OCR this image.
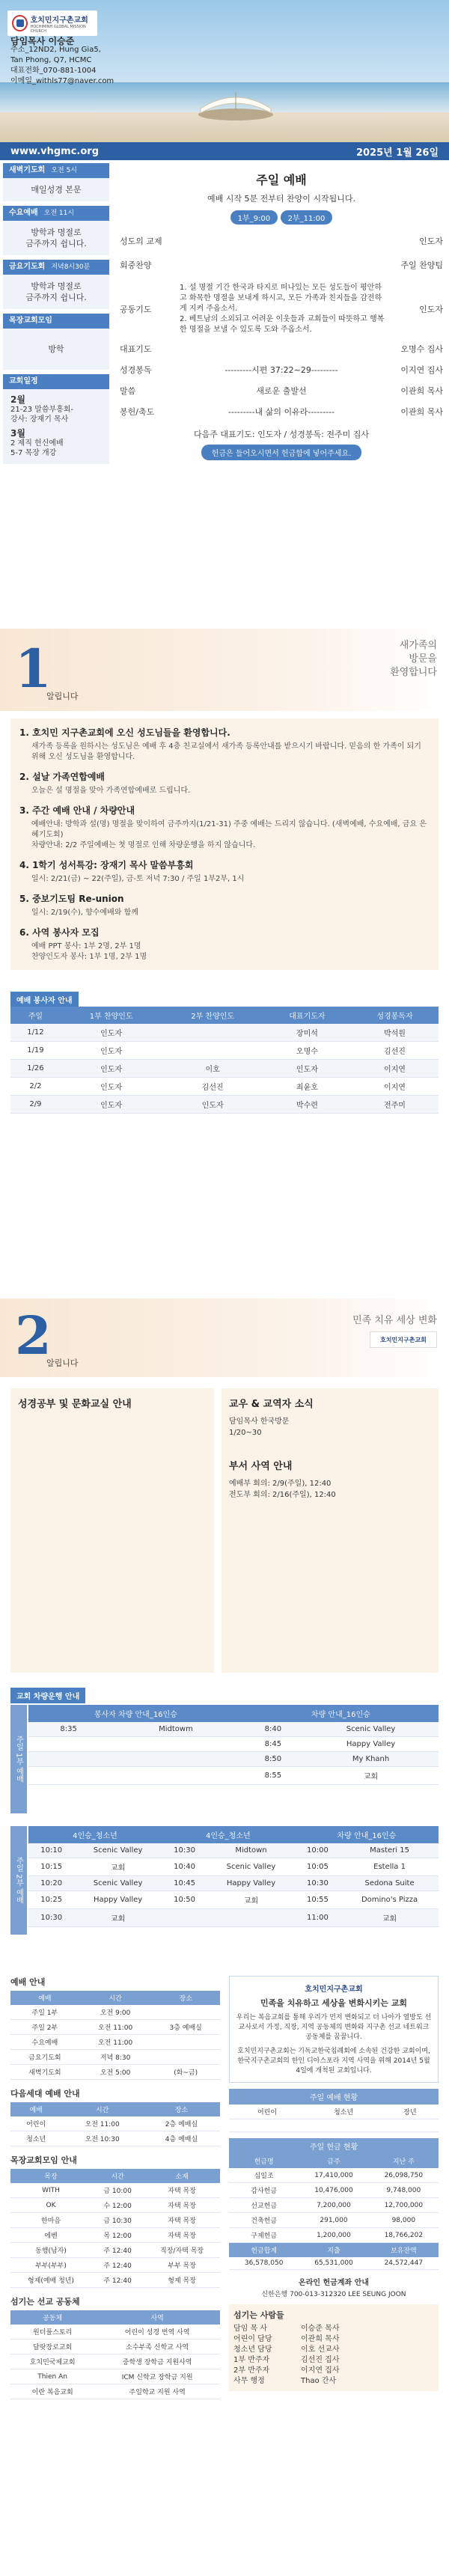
호치민지구촌교회
HOCHIMINH GLOBAL MISSION CHURCH
담임목사 이승준
주소_12ND2, Hung Gia5,
Tan Phong, Q7, HCMC
대표전화_070-881-1004
이메일_withls77@naver.com
www.vhgmc.org	2025년 1월 26일
새벽기도회 오전 5시
매일성경 본문
수요예배 오전 11시
방학과 명절로
금주까지 쉽니다.
금요기도회 저녁8시30분
방학과 명절로
금주까지 쉽니다.
목장교회모임
방학
교회일정
2월
21-23 말씀부흥회-
강사: 장재기 목사
3월
2 제직 헌신예배
5-7 목장 개강
주일 예배
예배 시작 5분 전부터 찬양이 시작됩니다.
1부_9:00 2부_11:00
성도의 교제	인도자
회중찬양	주일 찬양팀
공동기도
1. 설 명절 기간 한국과 타지로 떠나있는 모든 성도들이 평안하고 화목한 명절을 보내게 하시고, 모든 가족과 친지들을 감전하게 지켜 주옵소서.
2. 베트남의 소외되고 어려운 이웃들과 교회들이 따뜻하고 행복한 명절을 보낼 수 있도록 도와 주옵소서.
인도자
대표기도	오명수 집사
성경봉독	---------시편 37:22~29---------	이지연 집사
말씀	새로운 출발선	이관희 목사
봉헌/축도	---------내 삶의 이유라---------	이관희 목사
다음주 대표기도: 인도자 / 성경봉독: 전주미 집사
헌금은 들어오시면서 헌금함에 넣어주세요.
1
알립니다
새가족의
방문을
환영합니다
1. 호치민 지구촌교회에 오신 성도님들을 환영합니다.
새가족 등록을 원하시는 성도님은 예배 후 4층 친교실에서 새가족 등록안내를 받으시기 바랍니다. 믿음의 한 가족이 되기 위해 오신 성도님을 환영합니다.
2. 설날 가족연합예배
오늘은 설 명절을 맞아 가족연합예배로 드립니다.
3. 주간 예배 안내 / 차량안내
예배안내: 방학과 설(명) 명절을 맞이하여 금주까지(1/21-31) 주중 예배는 드리지 않습니다. (새벽예배, 수요예배, 금요 은혜기도회)
차량안내: 2/2 주일예배는 첫 명절로 인해 차량운행을 하지 않습니다.
4. 1학기 성서특강: 장재기 목사 말씀부흥회
일시: 2/21(금) ~ 22(주일), 금-토 저녁 7:30 / 주일 1부2부, 1시
5. 중보기도팀 Re-union
일시: 2/19(수), 향수예배와 함께
6. 사역 봉사자 모집
예배 PPT 봉사: 1부 2명, 2부 1명
찬양인도자 봉사: 1부 1명, 2부 1명
예배 봉사자 안내
주일	1부 찬양인도	2부 찬양인도	대표기도자	성경봉독자
1/12	인도자		장미석	박석원
1/19	인도자		오명수	김선진
1/26	인도자	이호	인도자	이지연
2/2	인도자	김선진	최윤호	이지연
2/9	인도자	인도자	박수련	전주미
2
알립니다
민족 치유 세상 변화
호치민지구촌교회
성경공부 및 문화교실 안내	교우 & 교역자 소식
담임목사 한국방문
1/20~30
부서 사역 안내
예배부 회의: 2/9(주일), 12:40
전도부 회의: 2/16(주일), 12:40
교회 차량운행 안내
주일 1부 예배
봉사자 차량 안내_16인승		차량 안내_16인승	
8:35	Midtowm	8:40	Scenic Valley
		8:45	Happy Valley
		8:50	My Khanh
		8:55	교회
주일 2부 예배
4인승_청소년		4인승_청소년		차량 안내_16인승	
10:10	Scenic Valley	10:30	Midtown	10:00	Masteri 15
10:15	교회	10:40	Scenic Valley	10:05	Estella 1
10:20	Scenic Valley	10:45	Happy Valley	10:30	Sedona Suite
10:25	Happy Valley	10:50	교회	10:55	Domino's Pizza
10:30	교회			11:00	교회
예배 안내
예배	시간	장소
주일 1부	오전 9:00	
주일 2부	오전 11:00	3층 예배실
수요예배	오전 11:00	
금요기도회	저녁 8:30	
새벽기도회	오전 5:00	(화~금)
다음세대 예배 안내
예배	시간	장소
어린이	오전 11:00	2층 예배실
청소년	오전 10:30	4층 예배실
목장교회모임 안내
목장	시간	소재
WITH	금 10:00	자택 목장
OK	수 12:00	자택 목장
한마음	금 10:30	자택 목장
에벤	목 12:00	자택 목장
동행(남자)	주 12:40	직장/자택 목장
부부(부부)	주 12:40	부부 목장
형제(예배 청년)	주 12:40	형제 목장
섬기는 선교 공동체
공동체	사역
원더풀스토리	어린이 성경 번역 사역
달랏장로교회	소수부족 신학교 사역
호치민국제교회	중학생 장학금 지원사역
Thien An	ICM 신학교 장학금 지원
이란 복음교회	주일학교 지원 사역
호치민지구촌교회
민족을 치유하고 세상을 변화시키는 교회
우리는 복음교회를 통해 우리가 먼저 변화되고 더 나아가 열방도 선교사로서 가정, 직장, 지역 공동체의 변화와 지구촌 선교 네트워크 공동체를 꿈꿉니다.
호치민지구촌교회는 기독교한국침례회에 소속된 건강한 교회이며, 한국지구촌교회의 한인 디아스포라 지역 사역을 위해 2014년 5월 4일에 개척된 교회입니다.
주일 예배 현황
어린이	청소년	장년

주일 헌금 현황
헌금명	금주	지난 주
십일조	17,410,000	26,098,750
감사헌금	10,476,000	9,748,000
선교헌금	7,200,000	12,700,000
건축헌금	291,000	98,000
구제헌금	1,200,000	18,766,202
헌금합계	지출	보유잔액
36,578,050	65,531,000	24,572,447
온라인 헌금계좌 안내
신한은행 700-013-312320 LEE SEUNG JOON
섬기는 사람들
담임 목 사	이승준 목사
어린이 담당	이관희 목사
청소년 담당	이호 선교사
1부 반주자	김선진 집사
2부 반주자	이지연 집사
사무 행정	Thao 간사
